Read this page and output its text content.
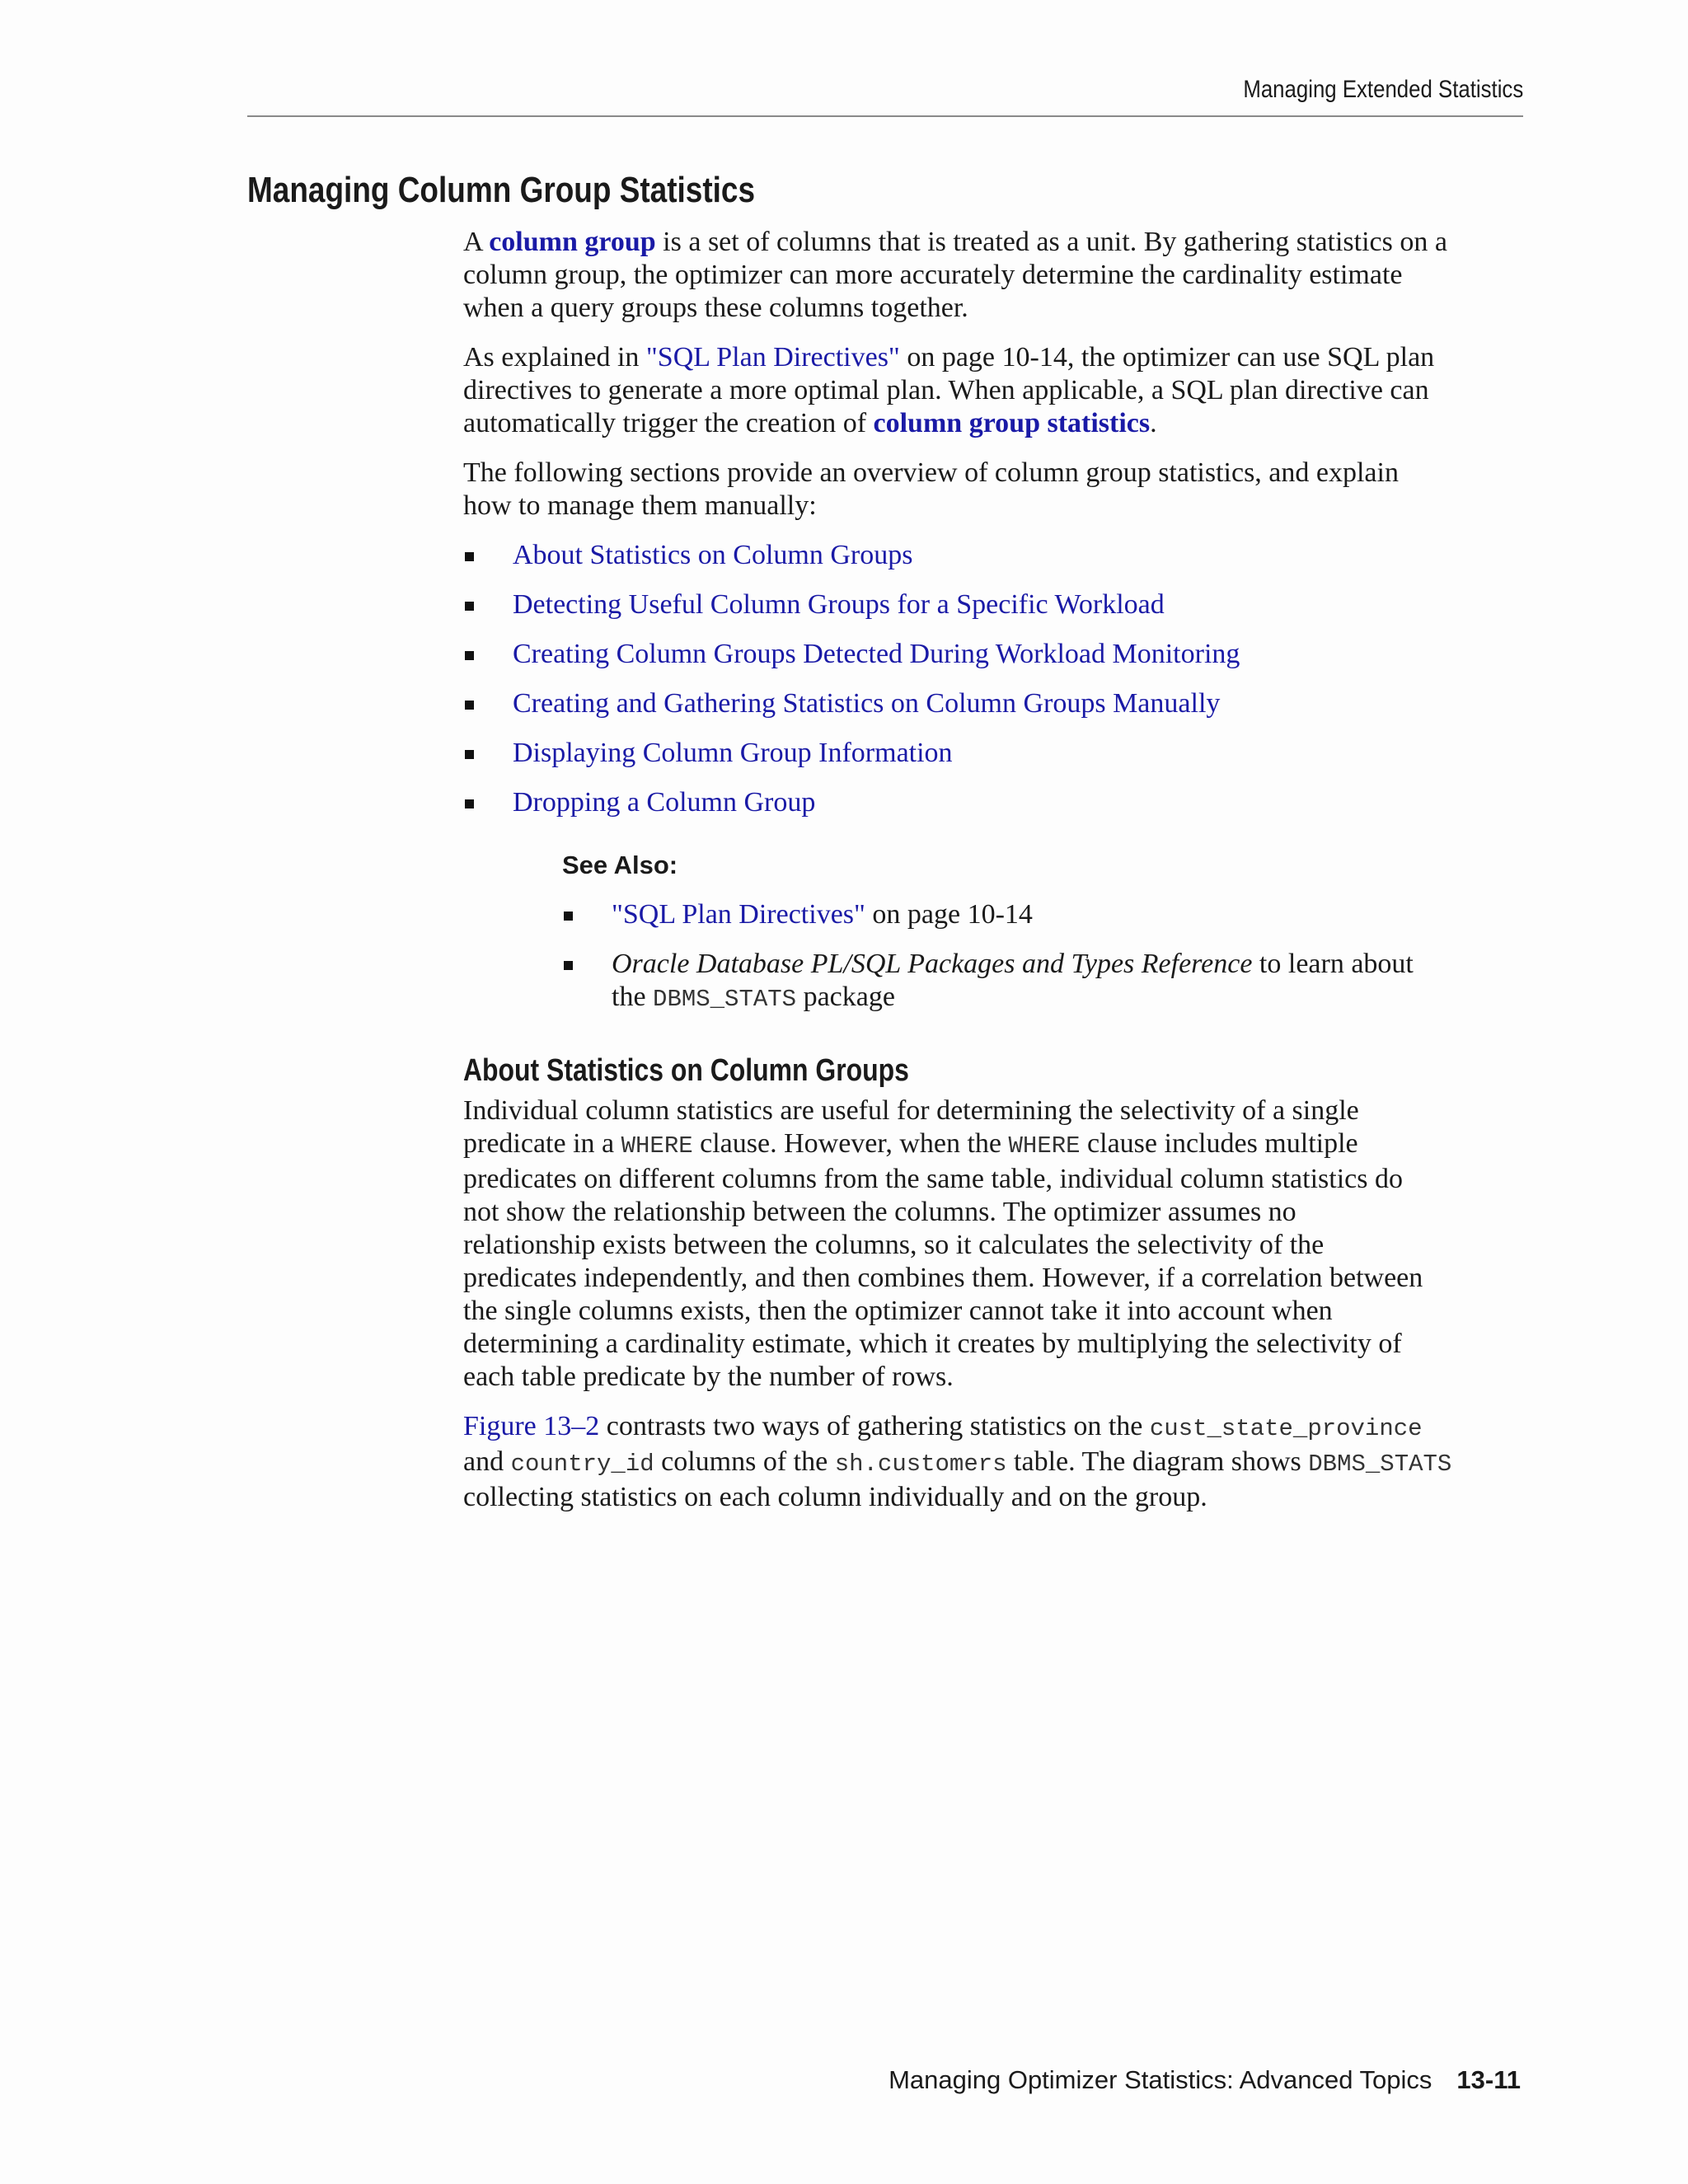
Managing Extended Statistics
Managing Column Group Statistics

A column group is a set of columns that is treated as a unit. By gathering statistics on a
column group, the optimizer can more accurately determine the cardinality estimate
when a query groups these columns together.

As explained in "SQL Plan Directives" on page 10-14, the optimizer can use SQL plan
directives to generate a more optimal plan. When applicable, a SQL plan directive can
automatically trigger the creation of column group statistics.

The following sections provide an overview of column group statistics, and explain
how to manage them manually:

About Statistics on Column Groups
Detecting Useful Column Groups for a Specific Workload
Creating Column Groups Detected During Workload Monitoring
Creating and Gathering Statistics on Column Groups Manually
Displaying Column Group Information
Dropping a Column Group
See Also:
"SQL Plan Directives" on page 10-14
Oracle Database PL/SQL Packages and Types Reference to learn about
the DBMS_STATS package
About Statistics on Column Groups

Individual column statistics are useful for determining the selectivity of a single
predicate in a WHERE clause. However, when the WHERE clause includes multiple
predicates on different columns from the same table, individual column statistics do
not show the relationship between the columns. The optimizer assumes no
relationship exists between the columns, so it calculates the selectivity of the
predicates independently, and then combines them. However, if a correlation between
the single columns exists, then the optimizer cannot take it into account when
determining a cardinality estimate, which it creates by multiplying the selectivity of
each table predicate by the number of rows.

Figure 13–2 contrasts two ways of gathering statistics on the cust_state_province
and country_id columns of the sh.customers table. The diagram shows DBMS_STATS
collecting statistics on each column individually and on the group.

Managing Optimizer Statistics: Advanced Topics 13-11
